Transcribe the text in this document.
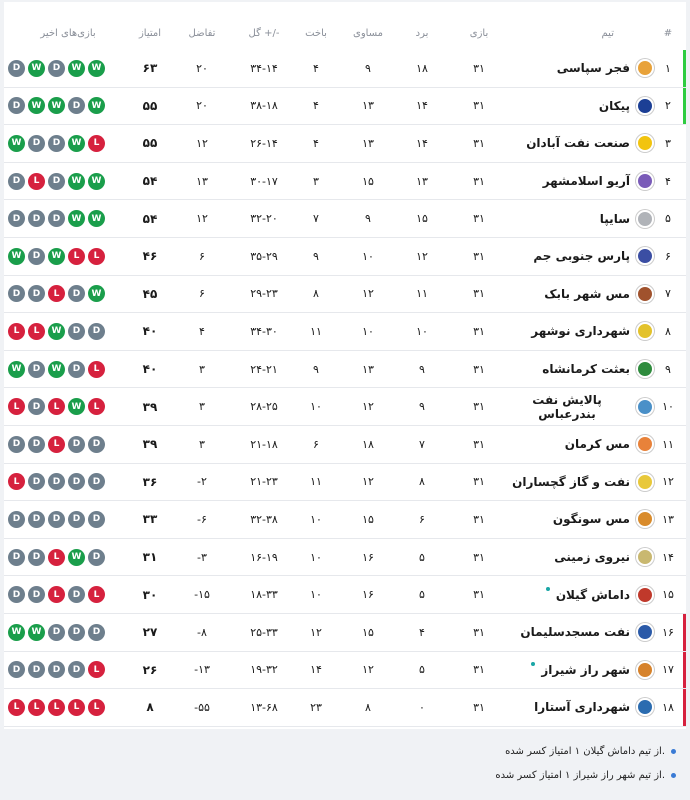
بازی‌های اخیر	امتیاز	تفاضل	گل +/-	باخت	مساوی	برد	بازی	تیم	#
D	W	D	W	W	۶۳	۲۰	۳۴-۱۴	۴	۹	۱۸	۳۱	فجر سپاسی	۱
D	W	W	D	W	۵۵	۲۰	۳۸-۱۸	۴	۱۳	۱۴	۳۱	پیکان	۲
W	D	D	W	L	۵۵	۱۲	۲۶-۱۴	۴	۱۳	۱۴	۳۱	صنعت نفت آبادان	۳
D	L	D	W	W	۵۴	۱۳	۳۰-۱۷	۳	۱۵	۱۳	۳۱	آریو اسلامشهر	۴
D	D	D	W	W	۵۴	۱۲	۳۲-۲۰	۷	۹	۱۵	۳۱	سایپا	۵
W	D	W	L	L	۴۶	۶	۳۵-۲۹	۹	۱۰	۱۲	۳۱	پارس جنوبی جم	۶
D	D	L	D	W	۴۵	۶	۲۹-۲۳	۸	۱۲	۱۱	۳۱	مس شهر بابک	۷
L	L	W	D	D	۴۰	۴	۳۴-۳۰	۱۱	۱۰	۱۰	۳۱	شهرداری نوشهر	۸
W	D	W	D	L	۴۰	۳	۲۴-۲۱	۹	۱۳	۹	۳۱	بعثت کرمانشاه	۹
L	D	L	W	L	۳۹	۳	۲۸-۲۵	۱۰	۱۲	۹	۳۱	پالایش نفت بندرعباس	۱۰
D	D	L	D	D	۳۹	۳	۲۱-۱۸	۶	۱۸	۷	۳۱	مس کرمان	۱۱
L	D	D	D	D	۳۶	-۲	۲۱-۲۳	۱۱	۱۲	۸	۳۱	نفت و گاز گچساران	۱۲
D	D	D	D	D	۳۳	-۶	۳۲-۳۸	۱۰	۱۵	۶	۳۱	مس سونگون	۱۳
D	D	L	W	D	۳۱	-۳	۱۶-۱۹	۱۰	۱۶	۵	۳۱	نیروی زمینی	۱۴
D	D	L	D	L	۳۰	-۱۵	۱۸-۳۳	۱۰	۱۶	۵	۳۱	داماش گیلان	۱۵
W	W	D	D	D	۲۷	-۸	۲۵-۳۳	۱۲	۱۵	۴	۳۱	نفت مسجدسلیمان	۱۶
D	D	D	D	L	۲۶	-۱۳	۱۹-۳۲	۱۴	۱۲	۵	۳۱	شهر راز شیراز	۱۷
L	L	L	L	L	۸	-۵۵	۱۳-۶۸	۲۳	۸	۰	۳۱	شهرداری آستارا	۱۸
از تیم داماش گیلان ۱ امتیاز کسر شده.
از تیم شهر راز شیراز ۱ امتیاز کسر شده.
